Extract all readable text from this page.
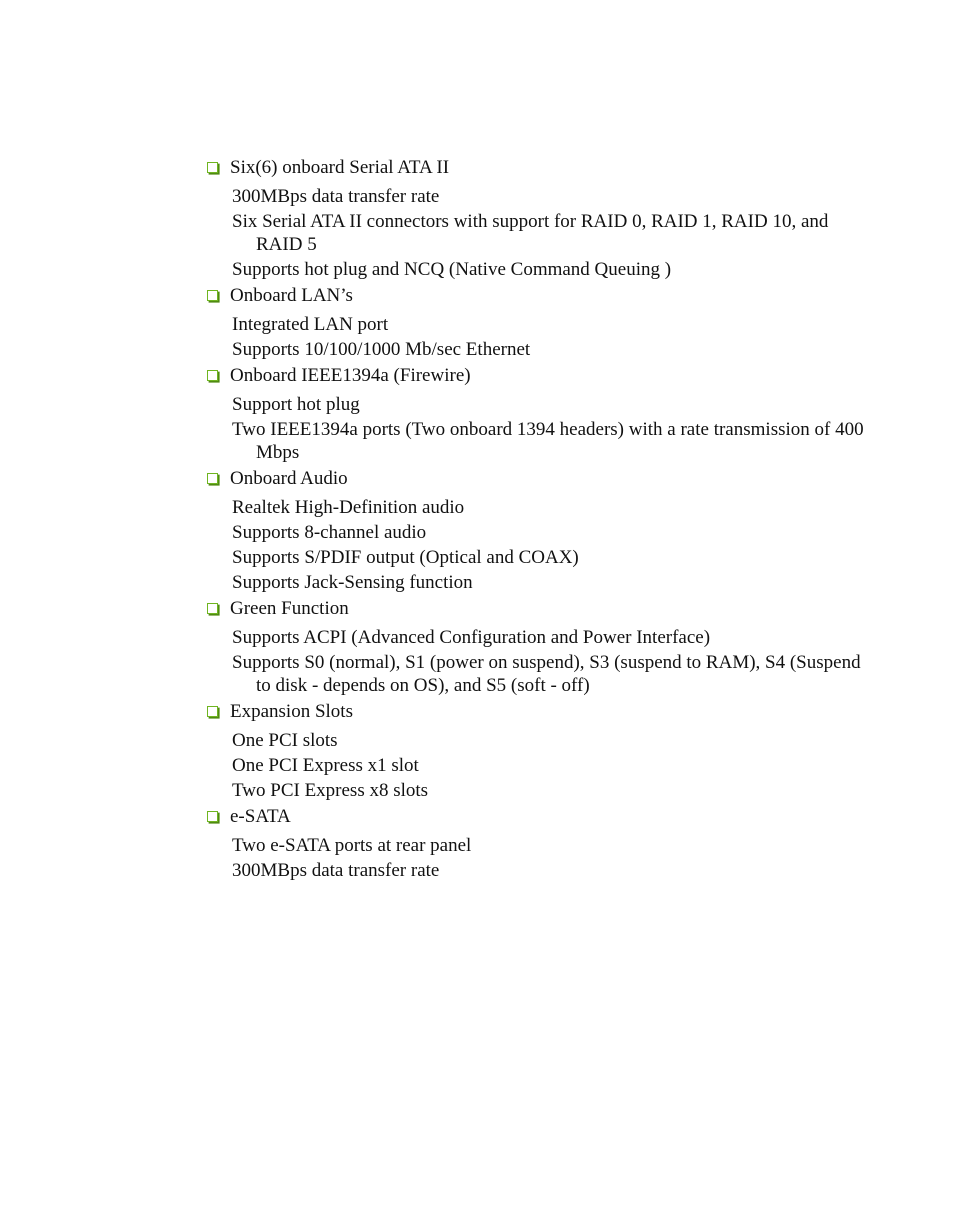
Six(6) onboard Serial ATA II
300MBps data transfer rate
Six Serial ATA II connectors with support for RAID 0, RAID 1, RAID 10, and RAID 5
Supports hot plug and NCQ (Native Command Queuing )
Onboard LAN’s
Integrated LAN port
Supports 10/100/1000 Mb/sec Ethernet
Onboard IEEE1394a (Firewire)
Support hot plug
Two IEEE1394a ports (Two onboard 1394 headers) with a rate transmission of 400 Mbps
Onboard Audio
Realtek High-Definition audio
Supports 8-channel audio
Supports S/PDIF output (Optical and COAX)
Supports Jack-Sensing function
Green Function
Supports ACPI (Advanced Configuration and Power Interface)
Supports S0 (normal), S1 (power on suspend), S3 (suspend to RAM), S4 (Suspend to disk - depends on OS), and S5 (soft - off)
Expansion Slots
One PCI slots
One PCI Express x1 slot
Two PCI Express x8 slots
e-SATA
Two e-SATA ports at rear panel
300MBps data transfer rate
